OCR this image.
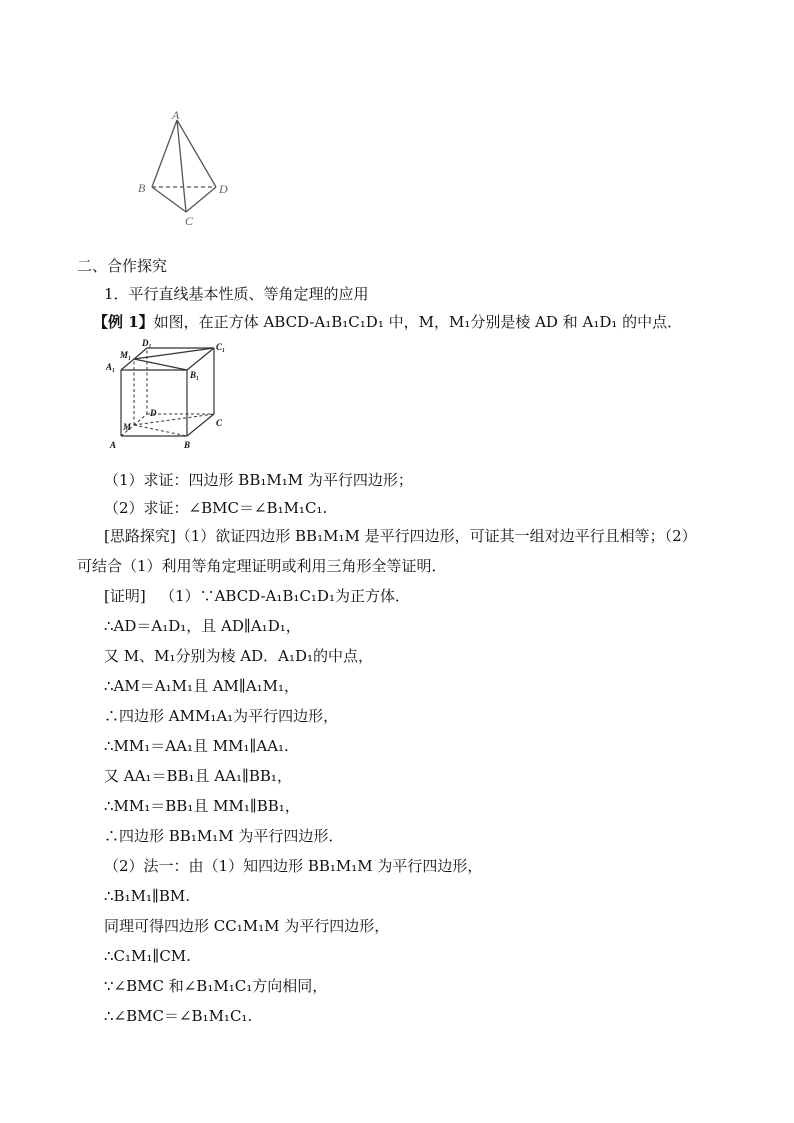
A
B	D
C
二、合作探究
1．平行直线基本性质、等角定理的应用
【例 1】如图，在正方体 ABCD-A₁B₁C₁D₁ 中，M，M₁分别是棱 AD 和 A₁D₁ 的中点．
D₁	C₁
M₁
A₁
B₁
D
C
M
A	B
（1）求证：四边形 BB₁M₁M 为平行四边形；
（2）求证：∠BMC＝∠B₁M₁C₁.
[思路探究]（1）欲证四边形 BB₁M₁M 是平行四边形，可证其一组对边平行且相等；（2）
可结合（1）利用等角定理证明或利用三角形全等证明．
[证明] （1）∵ABCD-A₁B₁C₁D₁为正方体．
∴AD＝A₁D₁，且 AD∥A₁D₁，
又 M、M₁分别为棱 AD．A₁D₁的中点，
∴AM＝A₁M₁且 AM∥A₁M₁，
∴四边形 AMM₁A₁为平行四边形，
∴MM₁＝AA₁且 MM₁∥AA₁.
又 AA₁＝BB₁且 AA₁∥BB₁，
∴MM₁＝BB₁且 MM₁∥BB₁，
∴四边形 BB₁M₁M 为平行四边形．
（2）法一：由（1）知四边形 BB₁M₁M 为平行四边形，
∴B₁M₁∥BM.
同理可得四边形 CC₁M₁M 为平行四边形，
∴C₁M₁∥CM.
∵∠BMC 和∠B₁M₁C₁方向相同，
∴∠BMC＝∠B₁M₁C₁.
